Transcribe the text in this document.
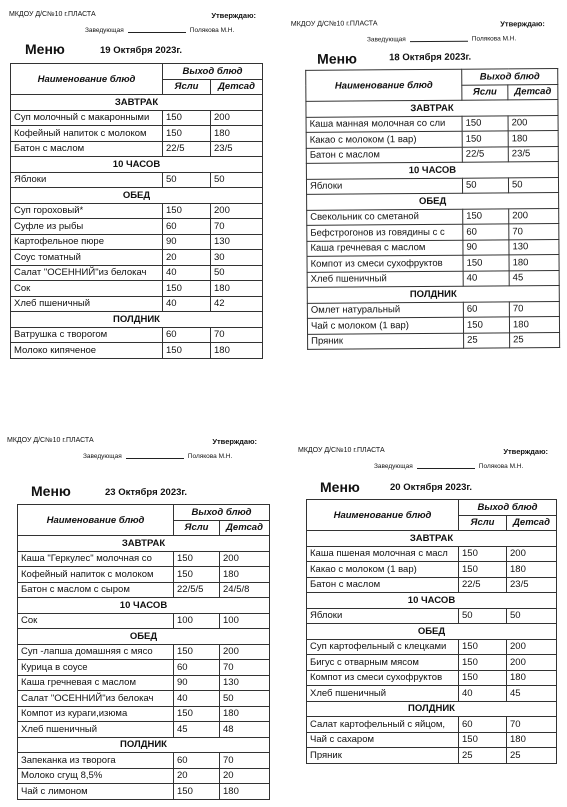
МКДОУ Д/С№10 г.ПЛАСТА	Утверждаю:
Заведующая	Полякова М.Н.
Меню	19 Октября 2023г.
Наименование блюд	Выход блюд	
	Ясли	Детсад
ЗАВТРАК		
Суп молочный с макаронными	150	200
Кофейный напиток с молоком	150	180
Батон с маслом	22/5	23/5
10 ЧАСОВ		
Яблоки	50	50
ОБЕД		
Суп гороховый*	150	200
Суфле из рыбы	60	70
Картофельное пюре	90	130
Соус томатный	20	30
Салат "ОСЕННИЙ"из белокач	40	50
Сок	150	180
Хлеб пшеничный	40	42
ПОЛДНИК		
Ватрушка с творогом	60	70
Молоко кипяченое	150	180
МКДОУ Д/С№10 г.ПЛАСТА	Утверждаю:
Заведующая	Полякова М.Н.
Меню	18 Октября 2023г.
Наименование блюд	Выход блюд	
	Ясли	Детсад
ЗАВТРАК		
Каша манная молочная со сли	150	200
Какао с молоком (1 вар)	150	180
Батон с маслом	22/5	23/5
10 ЧАСОВ		
Яблоки	50	50
ОБЕД		
Свекольник со сметаной	150	200
Бефстрогонов из говядины с с	60	70
Каша гречневая с маслом	90	130
Компот из смеси сухофруктов	150	180
Хлеб пшеничный	40	45
ПОЛДНИК		
Омлет натуральный	60	70
Чай с молоком (1 вар)	150	180
Пряник	25	25
МКДОУ Д/С№10 г.ПЛАСТА	Утверждаю:
Заведующая	Полякова М.Н.
Меню	23 Октября 2023г.
Наименование блюд	Выход блюд	
	Ясли	Детсад
ЗАВТРАК		
Каша "Геркулес" молочная со	150	200
Кофейный напиток с молоком	150	180
Батон с маслом с сыром	22/5/5	24/5/8
10 ЧАСОВ		
Сок	100	100
ОБЕД		
Суп -лапша домашняя с мясо	150	200
Курица в соусе	60	70
Каша гречневая с маслом	90	130
Салат "ОСЕННИЙ"из белокач	40	50
Компот из кураги,изюма	150	180
Хлеб пшеничный	45	48
ПОЛДНИК		
Запеканка из творога	60	70
Молоко сгущ 8,5%	20	20
Чай с лимоном	150	180
МКДОУ Д/С№10 г.ПЛАСТА	Утверждаю:
Заведующая	Полякова М.Н.
Меню	20 Октября 2023г.
Наименование блюд	Выход блюд	
	Ясли	Детсад
ЗАВТРАК		
Каша пшеная молочная с масл	150	200
Какао с молоком (1 вар)	150	180
Батон с маслом	22/5	23/5
10 ЧАСОВ		
Яблоки	50	50
ОБЕД		
Суп картофельный с клецками	150	200
Бигус с отварным мясом	150	200
Компот из смеси сухофруктов	150	180
Хлеб пшеничный	40	45
ПОЛДНИК		
Салат картофельный с яйцом,	60	70
Чай с сахаром	150	180
Пряник	25	25
